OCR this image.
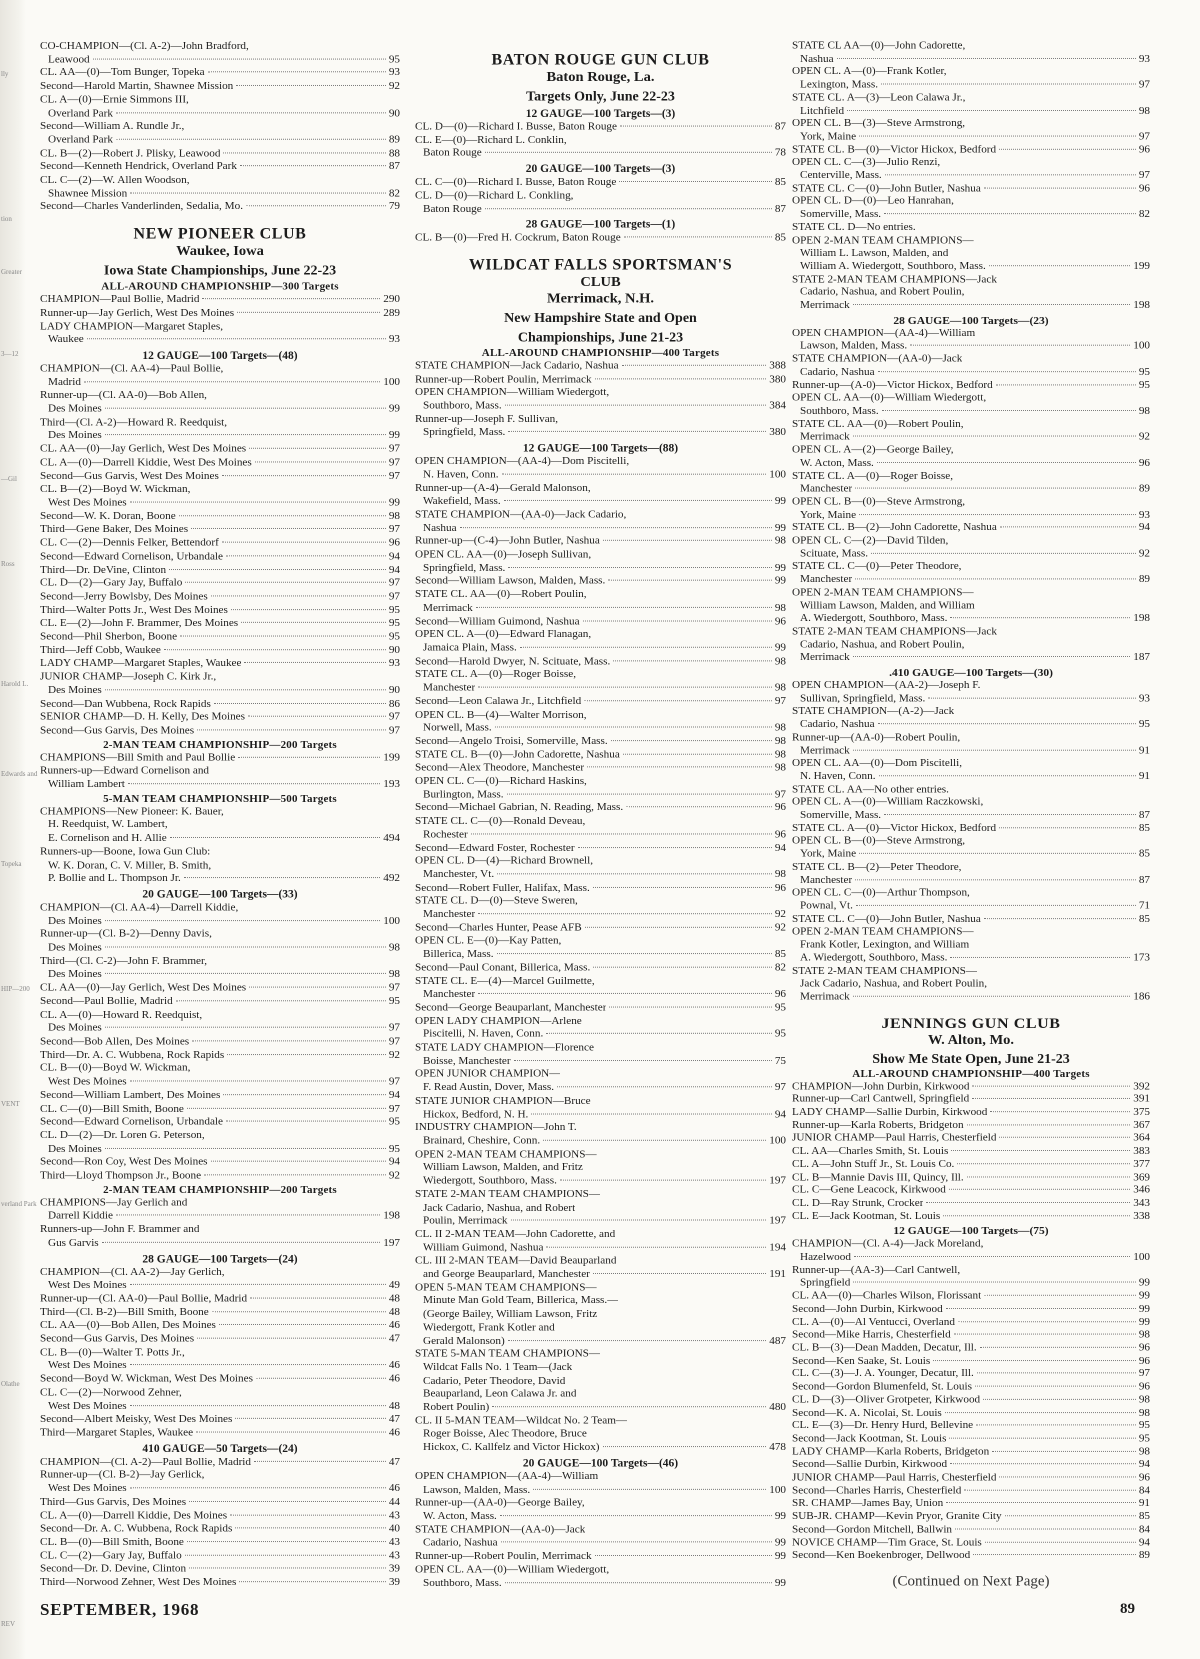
lly
tion
Greater
3—12
—Gil
Ross
Harold L.
Edwards and
Topeka
HIP—200
VENT
verland Park
Olathe
REV
CO-CHAMPION—(Cl. A-2)—John Bradford,
Leawood	95
CL. AA—(0)—Tom Bunger, Topeka	93
Second—Harold Martin, Shawnee Mission	92
CL. A—(0)—Ernie Simmons III,
Overland Park	90
Second—William A. Rundle Jr.,
Overland Park	89
CL. B—(2)—Robert J. Plisky, Leawood	88
Second—Kenneth Hendrick, Overland Park	87
CL. C—(2)—W. Allen Woodson,
Shawnee Mission	82
Second—Charles Vanderlinden, Sedalia, Mo.	79
NEW PIONEER CLUB
Waukee, Iowa
Iowa State Championships, June 22-23
ALL-AROUND CHAMPIONSHIP—300 Targets
CHAMPION—Paul Bollie, Madrid	290
Runner-up—Jay Gerlich, West Des Moines	289
LADY CHAMPION—Margaret Staples,
Waukee	93
12 GAUGE—100 Targets—(48)
CHAMPION—(Cl. AA-4)—Paul Bollie,
Madrid	100
Runner-up—(Cl. AA-0)—Bob Allen,
Des Moines	99
Third—(Cl. A-2)—Howard R. Reedquist,
Des Moines	99
CL. AA—(0)—Jay Gerlich, West Des Moines	97
CL. A—(0)—Darrell Kiddie, West Des Moines	97
Second—Gus Garvis, West Des Moines	97
CL. B—(2)—Boyd W. Wickman,
West Des Moines	99
Second—W. K. Doran, Boone	98
Third—Gene Baker, Des Moines	97
CL. C—(2)—Dennis Felker, Bettendorf	96
Second—Edward Cornelison, Urbandale	94
Third—Dr. DeVine, Clinton	94
CL. D—(2)—Gary Jay, Buffalo	97
Second—Jerry Bowlsby, Des Moines	97
Third—Walter Potts Jr., West Des Moines	95
CL. E—(2)—John F. Brammer, Des Moines	95
Second—Phil Sherbon, Boone	95
Third—Jeff Cobb, Waukee	90
LADY CHAMP—Margaret Staples, Waukee	93
JUNIOR CHAMP—Joseph C. Kirk Jr.,
Des Moines	90
Second—Dan Wubbena, Rock Rapids	86
SENIOR CHAMP—D. H. Kelly, Des Moines	97
Second—Gus Garvis, Des Moines	97
2-MAN TEAM CHAMPIONSHIP—200 Targets
CHAMPIONS—Bill Smith and Paul Bollie	199
Runners-up—Edward Cornelison and
William Lambert	193
5-MAN TEAM CHAMPIONSHIP—500 Targets
CHAMPIONS—New Pioneer: K. Bauer,
H. Reedquist, W. Lambert,
E. Cornelison and H. Allie	494
Runners-up—Boone, Iowa Gun Club:
W. K. Doran, C. V. Miller, B. Smith,
P. Bollie and L. Thompson Jr.	492
20 GAUGE—100 Targets—(33)
CHAMPION—(Cl. AA-4)—Darrell Kiddie,
Des Moines	100
Runner-up—(Cl. B-2)—Denny Davis,
Des Moines	98
Third—(Cl. C-2)—John F. Brammer,
Des Moines	98
CL. AA—(0)—Jay Gerlich, West Des Moines	97
Second—Paul Bollie, Madrid	95
CL. A—(0)—Howard R. Reedquist,
Des Moines	97
Second—Bob Allen, Des Moines	97
Third—Dr. A. C. Wubbena, Rock Rapids	92
CL. B—(0)—Boyd W. Wickman,
West Des Moines	97
Second—William Lambert, Des Moines	94
CL. C—(0)—Bill Smith, Boone	97
Second—Edward Cornelison, Urbandale	95
CL. D—(2)—Dr. Loren G. Peterson,
Des Moines	95
Second—Ron Coy, West Des Moines	94
Third—Lloyd Thompson Jr., Boone	92
2-MAN TEAM CHAMPIONSHIP—200 Targets
CHAMPIONS—Jay Gerlich and
Darrell Kiddie	198
Runners-up—John F. Brammer and
Gus Garvis	197
28 GAUGE—100 Targets—(24)
CHAMPION—(Cl. AA-2)—Jay Gerlich,
West Des Moines	49
Runner-up—(Cl. AA-0)—Paul Bollie, Madrid	48
Third—(Cl. B-2)—Bill Smith, Boone	48
CL. AA—(0)—Bob Allen, Des Moines	46
Second—Gus Garvis, Des Moines	47
CL. B—(0)—Walter T. Potts Jr.,
West Des Moines	46
Second—Boyd W. Wickman, West Des Moines	46
CL. C—(2)—Norwood Zehner,
West Des Moines	48
Second—Albert Meisky, West Des Moines	47
Third—Margaret Staples, Waukee	46
410 GAUGE—50 Targets—(24)
CHAMPION—(Cl. A-2)—Paul Bollie, Madrid	47
Runner-up—(Cl. B-2)—Jay Gerlick,
West Des Moines	46
Third—Gus Garvis, Des Moines	44
CL. A—(0)—Darrell Kiddie, Des Moines	43
Second—Dr. A. C. Wubbena, Rock Rapids	40
CL. B—(0)—Bill Smith, Boone	43
CL. C—(2)—Gary Jay, Buffalo	43
Second—Dr. D. Devine, Clinton	39
Third—Norwood Zehner, West Des Moines	39
BATON ROUGE GUN CLUB
Baton Rouge, La.
Targets Only, June 22-23
12 GAUGE—100 Targets—(3)
CL. D—(0)—Richard I. Busse, Baton Rouge	87
CL. E—(0)—Richard L. Conklin,
Baton Rouge	78
20 GAUGE—100 Targets—(3)
CL. C—(0)—Richard I. Busse, Baton Rouge	85
CL. D—(0)—Richard L. Conkling,
Baton Rouge	87
28 GAUGE—100 Targets—(1)
CL. B—(0)—Fred H. Cockrum, Baton Rouge	85
WILDCAT FALLS SPORTSMAN'S
CLUB
Merrimack, N.H.
New Hampshire State and Open
Championships, June 21-23
ALL-AROUND CHAMPIONSHIP—400 Targets
STATE CHAMPION—Jack Cadario, Nashua	388
Runner-up—Robert Poulin, Merrimack	380
OPEN CHAMPION—William Wiedergott,
Southboro, Mass.	384
Runner-up—Joseph F. Sullivan,
Springfield, Mass.	380
12 GAUGE—100 Targets—(88)
OPEN CHAMPION—(AA-4)—Dom Piscitelli,
N. Haven, Conn.	100
Runner-up—(A-4)—Gerald Malonson,
Wakefield, Mass.	99
STATE CHAMPION—(AA-0)—Jack Cadario,
Nashua	99
Runner-up—(C-4)—John Butler, Nashua	98
OPEN CL. AA—(0)—Joseph Sullivan,
Springfield, Mass.	99
Second—William Lawson, Malden, Mass.	99
STATE CL. AA—(0)—Robert Poulin,
Merrimack	98
Second—William Guimond, Nashua	96
OPEN CL. A—(0)—Edward Flanagan,
Jamaica Plain, Mass.	99
Second—Harold Dwyer, N. Scituate, Mass.	98
STATE CL. A—(0)—Roger Boisse,
Manchester	98
Second—Leon Calawa Jr., Litchfield	97
OPEN CL. B—(4)—Walter Morrison,
Norwell, Mass.	98
Second—Angelo Troisi, Somerville, Mass.	98
STATE CL. B—(0)—John Cadorette, Nashua	98
Second—Alex Theodore, Manchester	98
OPEN CL. C—(0)—Richard Haskins,
Burlington, Mass.	97
Second—Michael Gabrian, N. Reading, Mass.	96
STATE CL. C—(0)—Ronald Deveau,
Rochester	96
Second—Edward Foster, Rochester	94
OPEN CL. D—(4)—Richard Brownell,
Manchester, Vt.	98
Second—Robert Fuller, Halifax, Mass.	96
STATE CL. D—(0)—Steve Sweren,
Manchester	92
Second—Charles Hunter, Pease AFB	92
OPEN CL. E—(0)—Kay Patten,
Billerica, Mass.	85
Second—Paul Conant, Billerica, Mass.	82
STATE CL. E—(4)—Marcel Guilmette,
Manchester	96
Second—George Beauparlant, Manchester	95
OPEN LADY CHAMPION—Arlene
Piscitelli, N. Haven, Conn.	95
STATE LADY CHAMPION—Florence
Boisse, Manchester	75
OPEN JUNIOR CHAMPION—
F. Read Austin, Dover, Mass.	97
STATE JUNIOR CHAMPION—Bruce
Hickox, Bedford, N. H.	94
INDUSTRY CHAMPION—John T.
Brainard, Cheshire, Conn.	100
OPEN 2-MAN TEAM CHAMPIONS—
William Lawson, Malden, and Fritz
Wiedergott, Southboro, Mass.	197
STATE 2-MAN TEAM CHAMPIONS—
Jack Cadario, Nashua, and Robert
Poulin, Merrimack	197
CL. II 2-MAN TEAM—John Cadorette, and
William Guimond, Nashua	194
CL. III 2-MAN TEAM—David Beauparland
and George Beauparlard, Manchester	191
OPEN 5-MAN TEAM CHAMPIONS—
Minute Man Gold Team, Billerica, Mass.—
(George Bailey, William Lawson, Fritz
Wiedergott, Frank Kotler and
Gerald Malonson)	487
STATE 5-MAN TEAM CHAMPIONS—
Wildcat Falls No. 1 Team—(Jack
Cadario, Peter Theodore, David
Beauparland, Leon Calawa Jr. and
Robert Poulin)	480
CL. II 5-MAN TEAM—Wildcat No. 2 Team—
Roger Boisse, Alec Theodore, Bruce
Hickox, C. Kallfelz and Victor Hickox)	478
20 GAUGE—100 Targets—(46)
OPEN CHAMPION—(AA-4)—William
Lawson, Malden, Mass.	100
Runner-up—(AA-0)—George Bailey,
W. Acton, Mass.	99
STATE CHAMPION—(AA-0)—Jack
Cadario, Nashua	99
Runner-up—Robert Poulin, Merrimack	99
OPEN CL. AA—(0)—William Wiedergott,
Southboro, Mass.	99
STATE CL AA—(0)—John Cadorette,
Nashua	93
OPEN CL. A—(0)—Frank Kotler,
Lexington, Mass.	97
STATE CL. A—(3)—Leon Calawa Jr.,
Litchfield	98
OPEN CL. B—(3)—Steve Armstrong,
York, Maine	97
STATE CL. B—(0)—Victor Hickox, Bedford	96
OPEN CL. C—(3)—Julio Renzi,
Centerville, Mass.	97
STATE CL. C—(0)—John Butler, Nashua	96
OPEN CL. D—(0)—Leo Hanrahan,
Somerville, Mass.	82
STATE CL. D—No entries.
OPEN 2-MAN TEAM CHAMPIONS—
William L. Lawson, Malden, and
William A. Wiedergott, Southboro, Mass.	199
STATE 2-MAN TEAM CHAMPIONS—Jack
Cadario, Nashua, and Robert Poulin,
Merrimack	198
28 GAUGE—100 Targets—(23)
OPEN CHAMPION—(AA-4)—William
Lawson, Malden, Mass.	100
STATE CHAMPION—(AA-0)—Jack
Cadario, Nashua	95
Runner-up—(A-0)—Victor Hickox, Bedford	95
OPEN CL. AA—(0)—William Wiedergott,
Southboro, Mass.	98
STATE CL. AA—(0)—Robert Poulin,
Merrimack	92
OPEN CL. A—(2)—George Bailey,
W. Acton, Mass.	96
STATE CL. A—(0)—Roger Boisse,
Manchester	89
OPEN CL. B—(0)—Steve Armstrong,
York, Maine	93
STATE CL. B—(2)—John Cadorette, Nashua	94
OPEN CL. C—(2)—David Tilden,
Scituate, Mass.	92
STATE CL. C—(0)—Peter Theodore,
Manchester	89
OPEN 2-MAN TEAM CHAMPIONS—
William Lawson, Malden, and William
A. Wiedergott, Southboro, Mass.	198
STATE 2-MAN TEAM CHAMPIONS—Jack
Cadario, Nashua, and Robert Poulin,
Merrimack	187
.410 GAUGE—100 Targets—(30)
OPEN CHAMPION—(AA-2)—Joseph F.
Sullivan, Springfield, Mass.	93
STATE CHAMPION—(A-2)—Jack
Cadario, Nashua	95
Runner-up—(AA-0)—Robert Poulin,
Merrimack	91
OPEN CL. AA—(0)—Dom Piscitelli,
N. Haven, Conn.	91
STATE CL. AA—No other entries.
OPEN CL. A—(0)—William Raczkowski,
Somerville, Mass.	87
STATE CL. A—(0)—Victor Hickox, Bedford	85
OPEN CL. B—(0)—Steve Armstrong,
York, Maine	85
STATE CL. B—(2)—Peter Theodore,
Manchester	87
OPEN CL. C—(0)—Arthur Thompson,
Pownal, Vt.	71
STATE CL. C—(0)—John Butler, Nashua	85
OPEN 2-MAN TEAM CHAMPIONS—
Frank Kotler, Lexington, and William
A. Wiedergott, Southboro, Mass.	173
STATE 2-MAN TEAM CHAMPIONS—
Jack Cadario, Nashua, and Robert Poulin,
Merrimack	186
JENNINGS GUN CLUB
W. Alton, Mo.
Show Me State Open, June 21-23
ALL-AROUND CHAMPIONSHIP—400 Targets
CHAMPION—John Durbin, Kirkwood	392
Runner-up—Carl Cantwell, Springfield	391
LADY CHAMP—Sallie Durbin, Kirkwood	375
Runner-up—Karla Roberts, Bridgeton	367
JUNIOR CHAMP—Paul Harris, Chesterfield	364
CL. AA—Charles Smith, St. Louis	383
CL. A—John Stuff Jr., St. Louis Co.	377
CL. B—Mannie Davis III, Quincy, Ill.	369
CL. C—Gene Leacock, Kirkwood	346
CL. D—Ray Strunk, Crocker	343
CL. E—Jack Kootman, St. Louis	338
12 GAUGE—100 Targets—(75)
CHAMPION—(Cl. A-4)—Jack Moreland,
Hazelwood	100
Runner-up—(AA-3)—Carl Cantwell,
Springfield	99
CL. AA—(0)—Charles Wilson, Florissant	99
Second—John Durbin, Kirkwood	99
CL. A—(0)—Al Ventucci, Overland	99
Second—Mike Harris, Chesterfield	98
CL. B—(3)—Dean Madden, Decatur, Ill.	96
Second—Ken Saake, St. Louis	96
CL. C—(3)—J. A. Younger, Decatur, Ill.	97
Second—Gordon Blumenfeld, St. Louis	96
CL. D—(3)—Oliver Grotpeter, Kirkwood	98
Second—K. A. Nicolai, St. Louis	98
CL. E—(3)—Dr. Henry Hurd, Bellevine	95
Second—Jack Kootman, St. Louis	95
LADY CHAMP—Karla Roberts, Bridgeton	98
Second—Sallie Durbin, Kirkwood	94
JUNIOR CHAMP—Paul Harris, Chesterfield	96
Second—Charles Harris, Chesterfield	84
SR. CHAMP—James Bay, Union	91
SUB-JR. CHAMP—Kevin Pryor, Granite City	85
Second—Gordon Mitchell, Ballwin	84
NOVICE CHAMP—Tim Grace, St. Louis	94
Second—Ken Boekenbroger, Dellwood	89
(Continued on Next Page)
SEPTEMBER, 1968	89
